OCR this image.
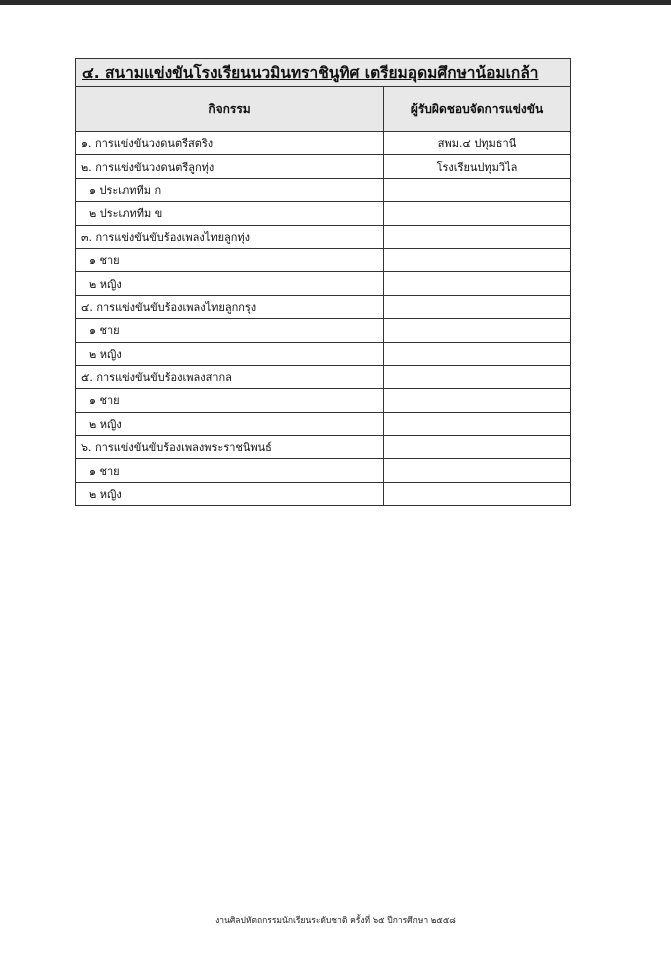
๔. สนามแข่งขันโรงเรียนนวมินทราชินูทิศ เตรียมอุดมศึกษาน้อมเกล้า	
กิจกรรม	ผู้รับผิดชอบจัดการแข่งขัน
๑. การแข่งขันวงดนตรีสตริง	สพม.๔ ปทุมธานี
๒. การแข่งขันวงดนตรีลูกทุ่ง	โรงเรียนปทุมวิไล
๑ ประเภททีม ก	
๒ ประเภททีม ข	
๓. การแข่งขันขับร้องเพลงไทยลูกทุ่ง	
๑ ชาย	
๒ หญิง	
๔. การแข่งขันขับร้องเพลงไทยลูกกรุง	
๑ ชาย	
๒ หญิง	
๕. การแข่งขันขับร้องเพลงสากล	
๑ ชาย	
๒ หญิง	
๖. การแข่งขันขับร้องเพลงพระราชนิพนธ์	
๑ ชาย	
๒ หญิง	
งานศิลปหัตถกรรมนักเรียนระดับชาติ ครั้งที่ ๖๕ ปีการศึกษา ๒๕๕๘
